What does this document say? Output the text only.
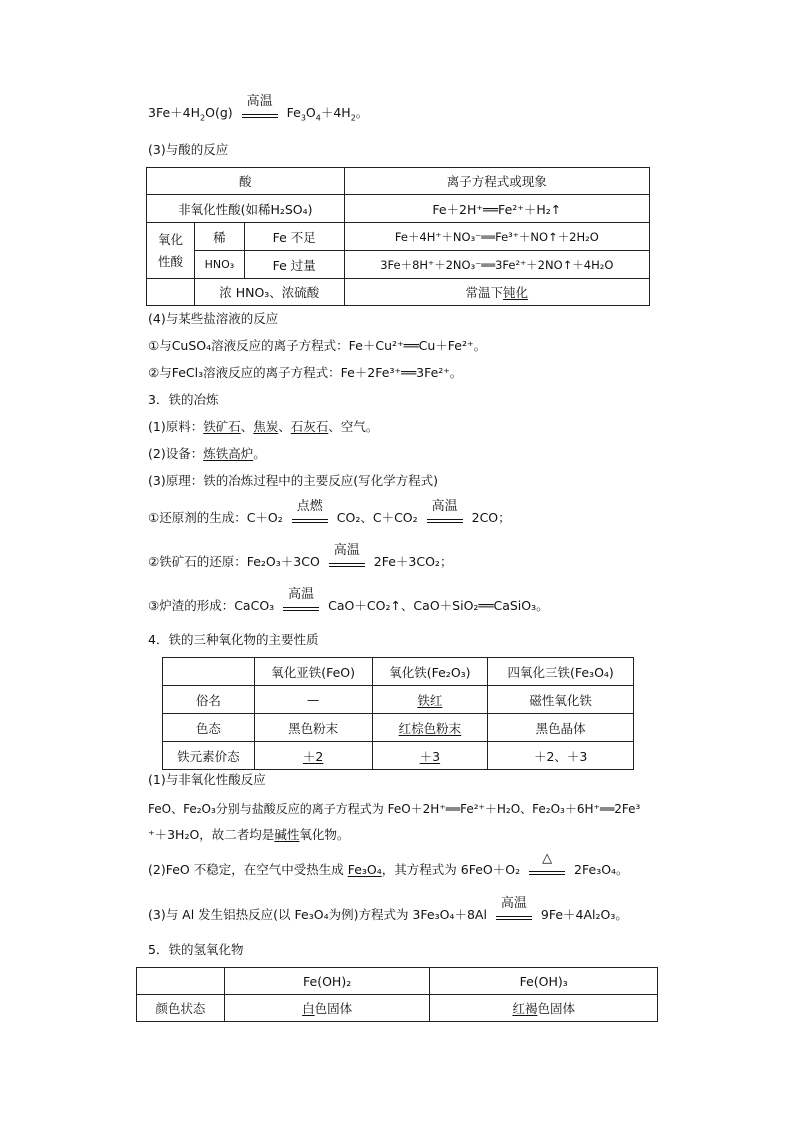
$3Fe+4H_2O(g)$
高温
$Fe_3O_4+4H_2$。
(3)与酸的反应
酸			离子方程式或现象
非氧化性酸(如稀H₂SO₄)			Fe＋2H⁺══Fe²⁺＋H₂↑
氧化性酸	稀	Fe 不足	Fe＋4H⁺＋NO₃⁻══Fe³⁺＋NO↑＋2H₂O
	HNO₃	Fe 过量	3Fe＋8H⁺＋2NO₃⁻══3Fe²⁺＋2NO↑＋4H₂O
	浓 HNO₃、浓硫酸		常温下钝化
(4)与某些盐溶液的反应
①与CuSO₄溶液反应的离子方程式：Fe＋Cu²⁺══Cu＋Fe²⁺。
②与FeCl₃溶液反应的离子方程式：Fe＋2Fe³⁺══3Fe²⁺。
3．铁的冶炼
(1)原料：铁矿石、焦炭、石灰石、空气。
(2)设备：炼铁高炉。
(3)原理：铁的冶炼过程中的主要反应(写化学方程式)
①还原剂的生成：C＋O₂
点燃
CO₂、C＋CO₂
高温
2CO；
②铁矿石的还原：Fe₂O₃＋3CO
高温
2Fe＋3CO₂；
③炉渣的形成：CaCO₃
高温
CaO＋CO₂↑、CaO＋SiO₂══CaSiO₃。
4．铁的三种氧化物的主要性质
	氧化亚铁(FeO)	氧化铁(Fe₂O₃)	四氧化三铁(Fe₃O₄)
俗名	—	铁红	磁性氧化铁
色态	黑色粉末	红棕色粉末	黑色晶体
铁元素价态	＋2	＋3	＋2、＋3
(1)与非氧化性酸反应
FeO、Fe₂O₃分别与盐酸反应的离子方程式为 FeO＋2H⁺══Fe²⁺＋H₂O、Fe₂O₃＋6H⁺══2Fe³
⁺＋3H₂O，故二者均是碱性氧化物。
(2)FeO 不稳定，在空气中受热生成 Fe₃O₄，其方程式为 6FeO＋O₂
△
2Fe₃O₄。
(3)与 Al 发生铝热反应(以 Fe₃O₄为例)方程式为 3Fe₃O₄＋8Al
高温
9Fe＋4Al₂O₃。
5．铁的氢氧化物
	Fe(OH)₂	Fe(OH)₃
颜色状态	白色固体	红褐色固体
